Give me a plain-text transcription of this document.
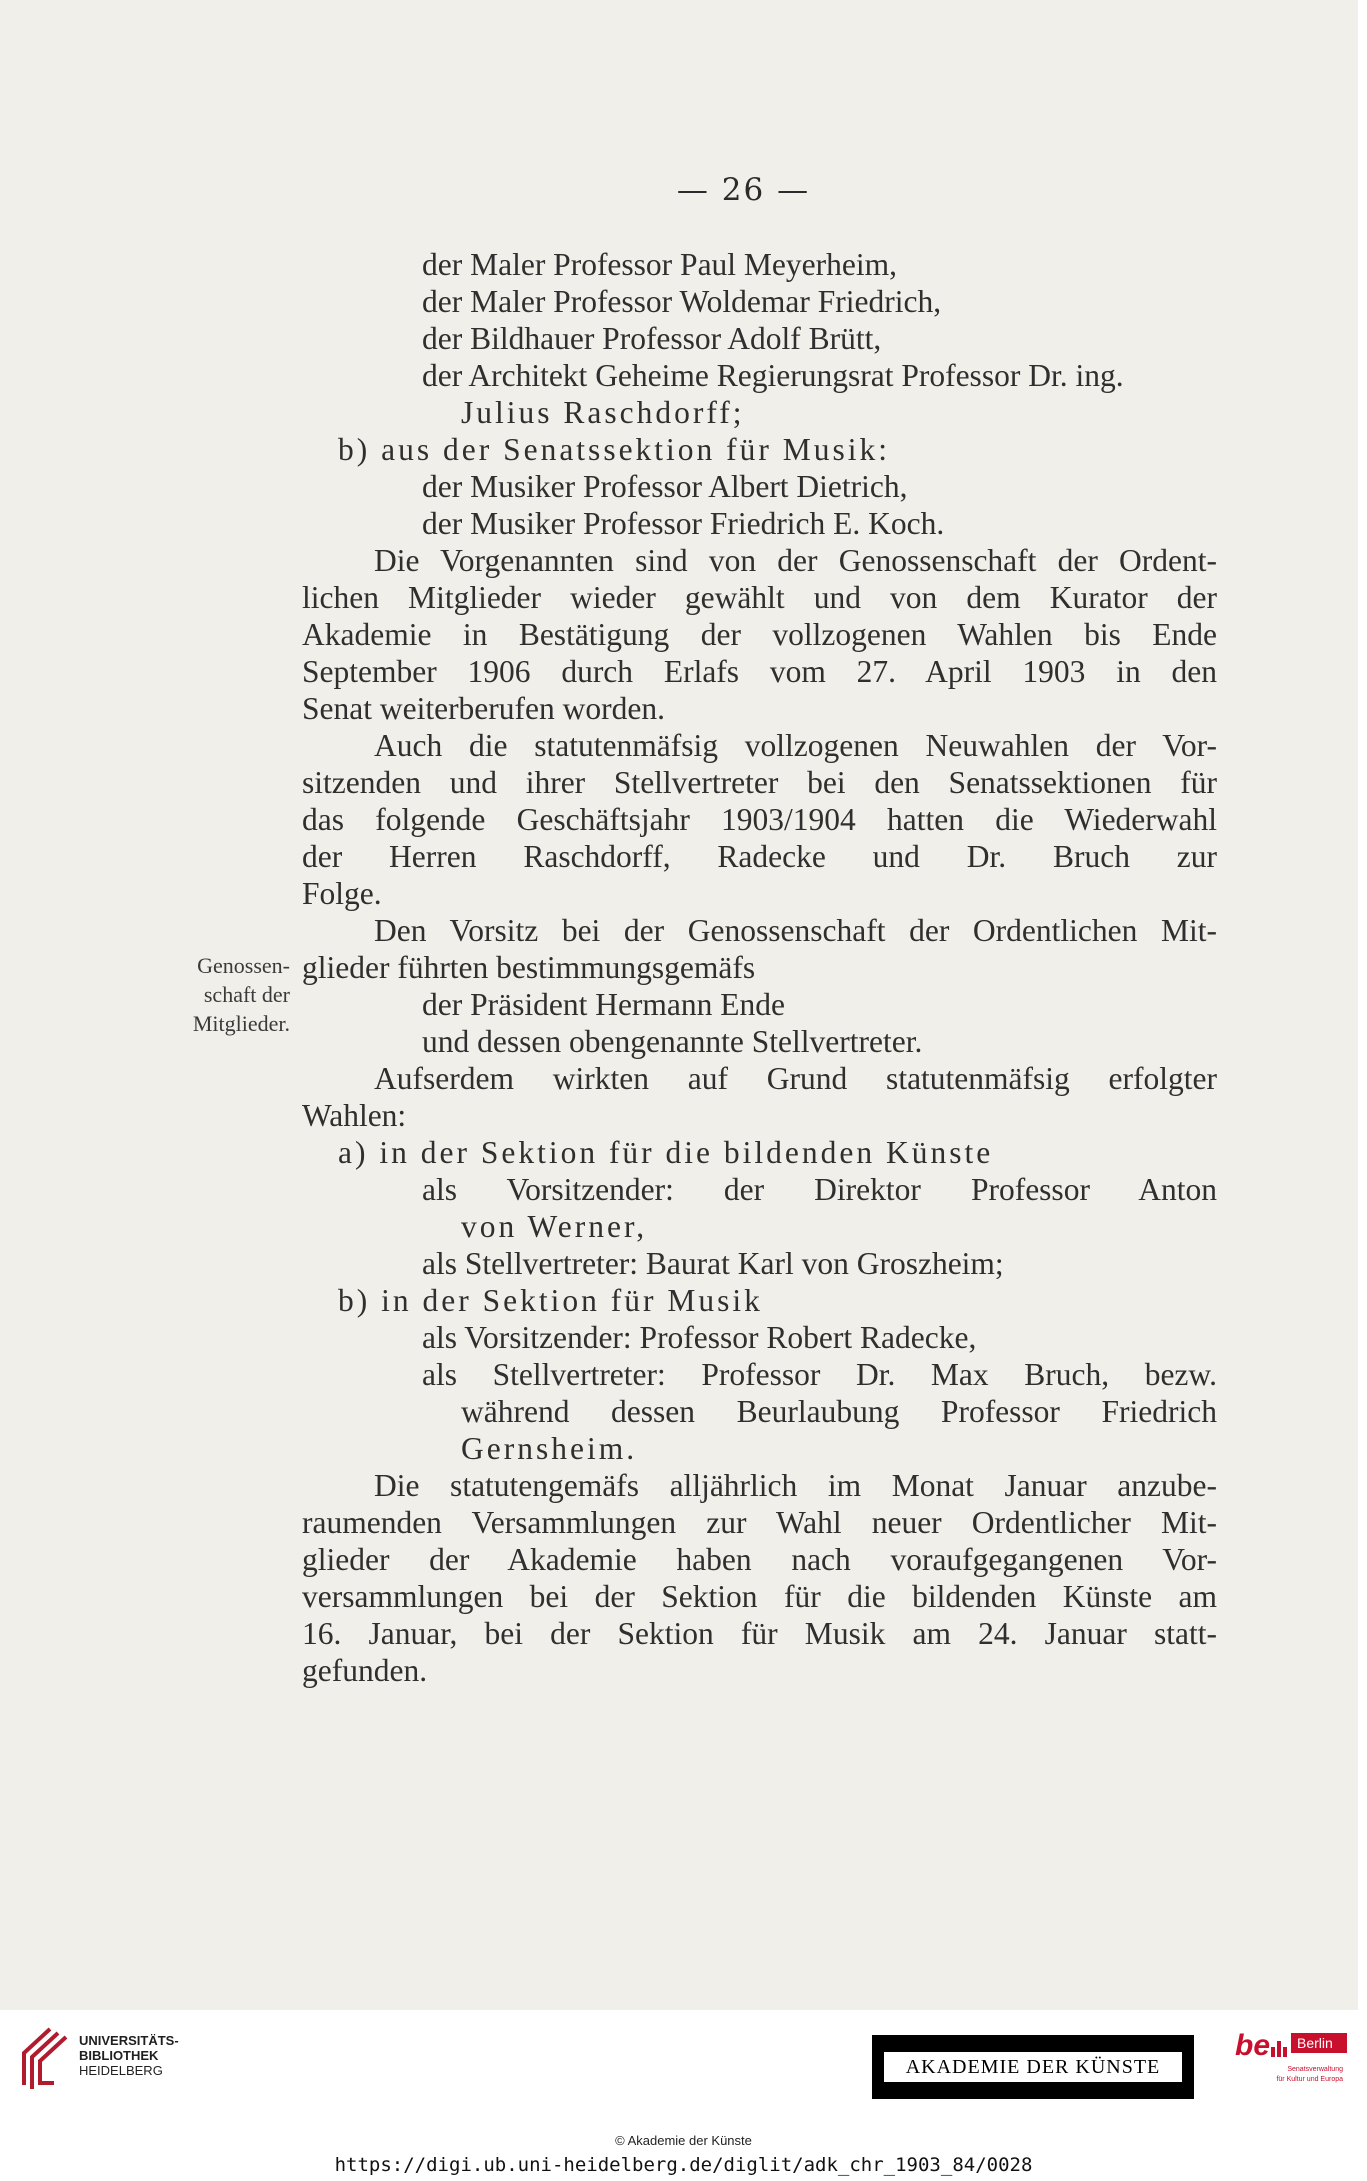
— 26 —
der Maler Professor Paul Meyerheim,
der Maler Professor Woldemar Friedrich,
der Bildhauer Professor Adolf Brütt,
der Architekt Geheime Regierungsrat Professor Dr. ing.
Julius Raschdorff;
b) aus der Senatssektion für Musik:
der Musiker Professor Albert Dietrich,
der Musiker Professor Friedrich E. Koch.
Die Vorgenannten sind von der Genossenschaft der Ordent-
lichen Mitglieder wieder gewählt und von dem Kurator der
Akademie in Bestätigung der vollzogenen Wahlen bis Ende
September 1906 durch Erlafs vom 27. April 1903 in den
Senat weiterberufen worden.
Auch die statutenmäfsig vollzogenen Neuwahlen der Vor-
sitzenden und ihrer Stellvertreter bei den Senatssektionen für
das folgende Geschäftsjahr 1903/1904 hatten die Wiederwahl
der Herren Raschdorff, Radecke und Dr. Bruch zur
Folge.
Den Vorsitz bei der Genossenschaft der Ordentlichen Mit-
glieder führten bestimmungsgemäfs
der Präsident Hermann Ende
und dessen obengenannte Stellvertreter.
Aufserdem wirkten auf Grund statutenmäfsig erfolgter
Wahlen:
a) in der Sektion für die bildenden Künste
als Vorsitzender: der Direktor Professor Anton
von Werner,
als Stellvertreter: Baurat Karl von Groszheim;
b) in der Sektion für Musik
als Vorsitzender: Professor Robert Radecke,
als Stellvertreter: Professor Dr. Max Bruch, bezw.
während dessen Beurlaubung Professor Friedrich
Gernsheim.
Die statutengemäfs alljährlich im Monat Januar anzube-
raumenden Versammlungen zur Wahl neuer Ordentlicher Mit-
glieder der Akademie haben nach voraufgegangenen Vor-
versammlungen bei der Sektion für die bildenden Künste am
16. Januar, bei der Sektion für Musik am 24. Januar statt-
gefunden.
Genossen-
schaft der
Mitglieder.
UNIVERSITÄTS-
BIBLIOTHEK
HEIDELBERG	AKADEMIE DER KÜNSTE
be Berlin
Senatsverwaltung
für Kultur und Europa
© Akademie der Künste
https://digi.ub.uni-heidelberg.de/diglit/adk_chr_1903_84/0028
